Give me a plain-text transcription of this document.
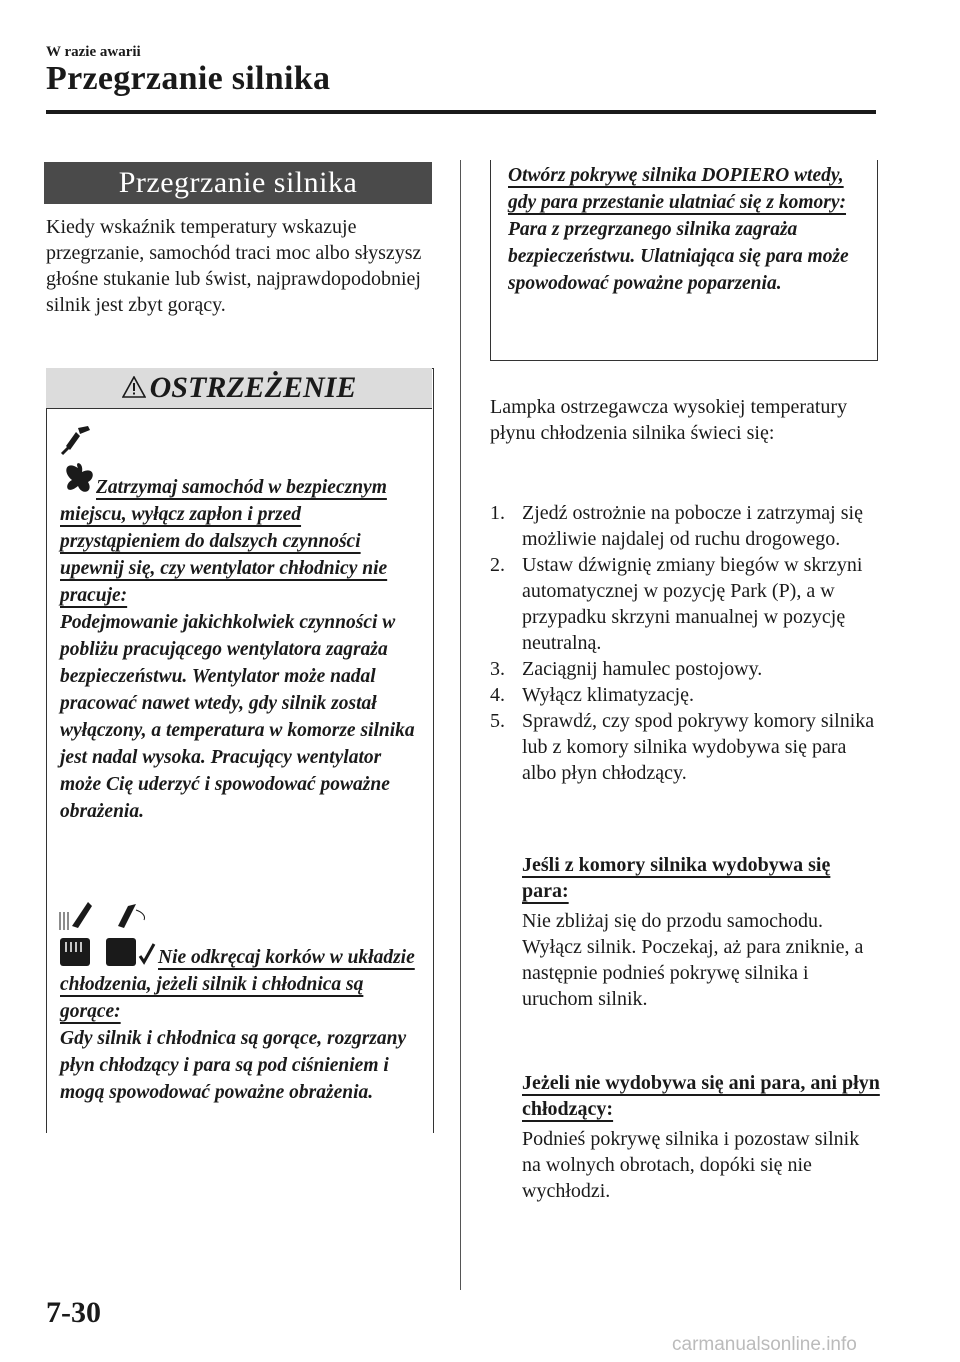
W razie awarii
Przegrzanie silnika
Przegrzanie silnika
Kiedy wskaźnik temperatury wskazuje przegrzanie, samochód traci moc albo słyszysz głośne stukanie lub świst, najprawdopodobniej silnik jest zbyt gorący.
OSTRZEŻENIE
Zatrzymaj samochód w bezpiecznym miejscu, wyłącz zapłon i przed przystąpieniem do dalszych czynności upewnij się, czy wentylator chłodnicy nie pracuje:
Podejmowanie jakichkolwiek czynności w pobliżu pracującego wentylatora zagraża bezpieczeństwu. Wentylator może nadal pracować nawet wtedy, gdy silnik został wyłączony, a temperatura w komorze silnika jest nadal wysoka. Pracujący wentylator może Cię uderzyć i spowodować poważne obrażenia.
Nie odkręcaj korków w układzie chłodzenia, jeżeli silnik i chłodnica są gorące:
Gdy silnik i chłodnica są gorące, rozgrzany płyn chłodzący i para są pod ciśnieniem i mogą spowodować poważne obrażenia.
Otwórz pokrywę silnika DOPIERO wtedy, gdy para przestanie ulatniać się z komory:
Para z przegrzanego silnika zagraża bezpieczeństwu. Ulatniająca się para może spowodować poważne poparzenia.
Lampka ostrzegawcza wysokiej temperatury płynu chłodzenia silnika świeci się:

1. Zjedź ostrożnie na pobocze i zatrzymaj się możliwie najdalej od ruchu drogowego.

2. Ustaw dźwignię zmiany biegów w skrzyni automatycznej w pozycję Park (P), a w przypadku skrzyni manualnej w pozycję neutralną.

3. Zaciągnij hamulec postojowy.

4. Wyłącz klimatyzację.

5. Sprawdź, czy spod pokrywy komory silnika lub z komory silnika wydobywa się para albo płyn chłodzący.

Jeśli z komory silnika wydobywa się para:
Nie zbliżaj się do przodu samochodu. Wyłącz silnik. Poczekaj, aż para zniknie, a następnie podnieś pokrywę silnika i uruchom silnik.
Jeżeli nie wydobywa się ani para, ani płyn chłodzący:
Podnieś pokrywę silnika i pozostaw silnik na wolnych obrotach, dopóki się nie wychłodzi.
7-30
carmanualsonline.info
